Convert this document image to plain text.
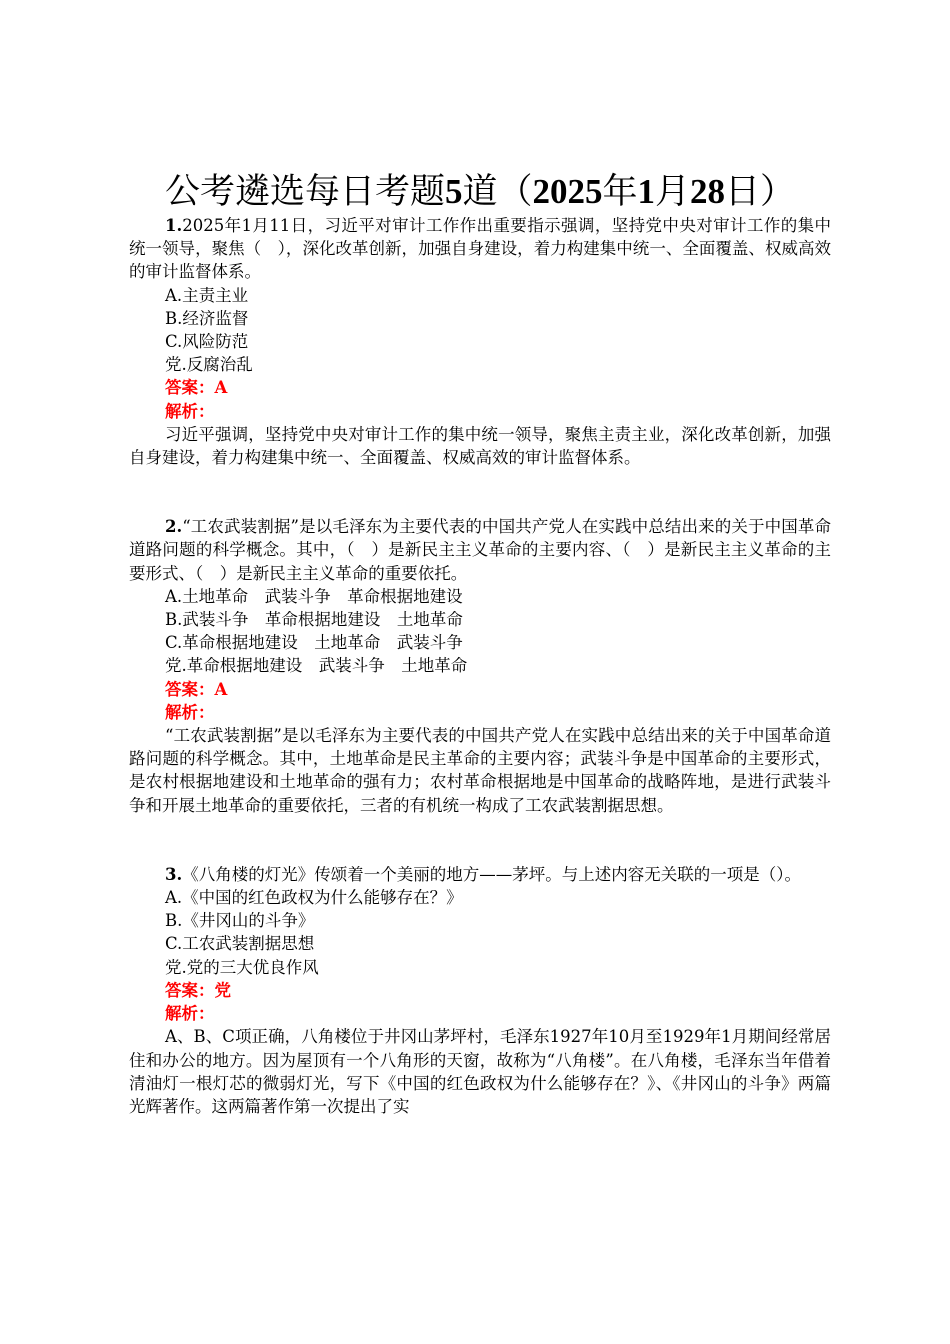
公考遴选每日考题5道（2025年1月28日）

1.2025年1月11日，习近平对审计工作作出重要指示强调，坚持党中央对审计工作的集中统一领导，聚焦（　），深化改革创新，加强自身建设，着力构建集中统一、全面覆盖、权威高效的审计监督体系。

A.主责主业

B.经济监督

C.风险防范

党.反腐治乱

答案：A

解析：

习近平强调，坚持党中央对审计工作的集中统一领导，聚焦主责主业，深化改革创新，加强自身建设，着力构建集中统一、全面覆盖、权威高效的审计监督体系。

2.“工农武装割据”是以毛泽东为主要代表的中国共产党人在实践中总结出来的关于中国革命道路问题的科学概念。其中，（　）是新民主主义革命的主要内容、（　）是新民主主义革命的主要形式、（　）是新民主主义革命的重要依托。

A.土地革命　武装斗争　革命根据地建设

B.武装斗争　革命根据地建设　土地革命

C.革命根据地建设　土地革命　武装斗争

党.革命根据地建设　武装斗争　土地革命

答案：A

解析：

“工农武装割据”是以毛泽东为主要代表的中国共产党人在实践中总结出来的关于中国革命道路问题的科学概念。其中，土地革命是民主革命的主要内容；武装斗争是中国革命的主要形式，是农村根据地建设和土地革命的强有力；农村革命根据地是中国革命的战略阵地，是进行武装斗争和开展土地革命的重要依托，三者的有机统一构成了工农武装割据思想。

3.《八角楼的灯光》传颂着一个美丽的地方——茅坪。与上述内容无关联的一项是（）。

A.《中国的红色政权为什么能够存在？》

B.《井冈山的斗争》

C.工农武装割据思想

党.党的三大优良作风

答案：党

解析：

A、B、C项正确，八角楼位于井冈山茅坪村，毛泽东1927年10月至1929年1月期间经常居住和办公的地方。因为屋顶有一个八角形的天窗，故称为“八角楼”。在八角楼，毛泽东当年借着清油灯一根灯芯的微弱灯光，写下《中国的红色政权为什么能够存在？》、《井冈山的斗争》两篇光辉著作。这两篇著作第一次提出了实
